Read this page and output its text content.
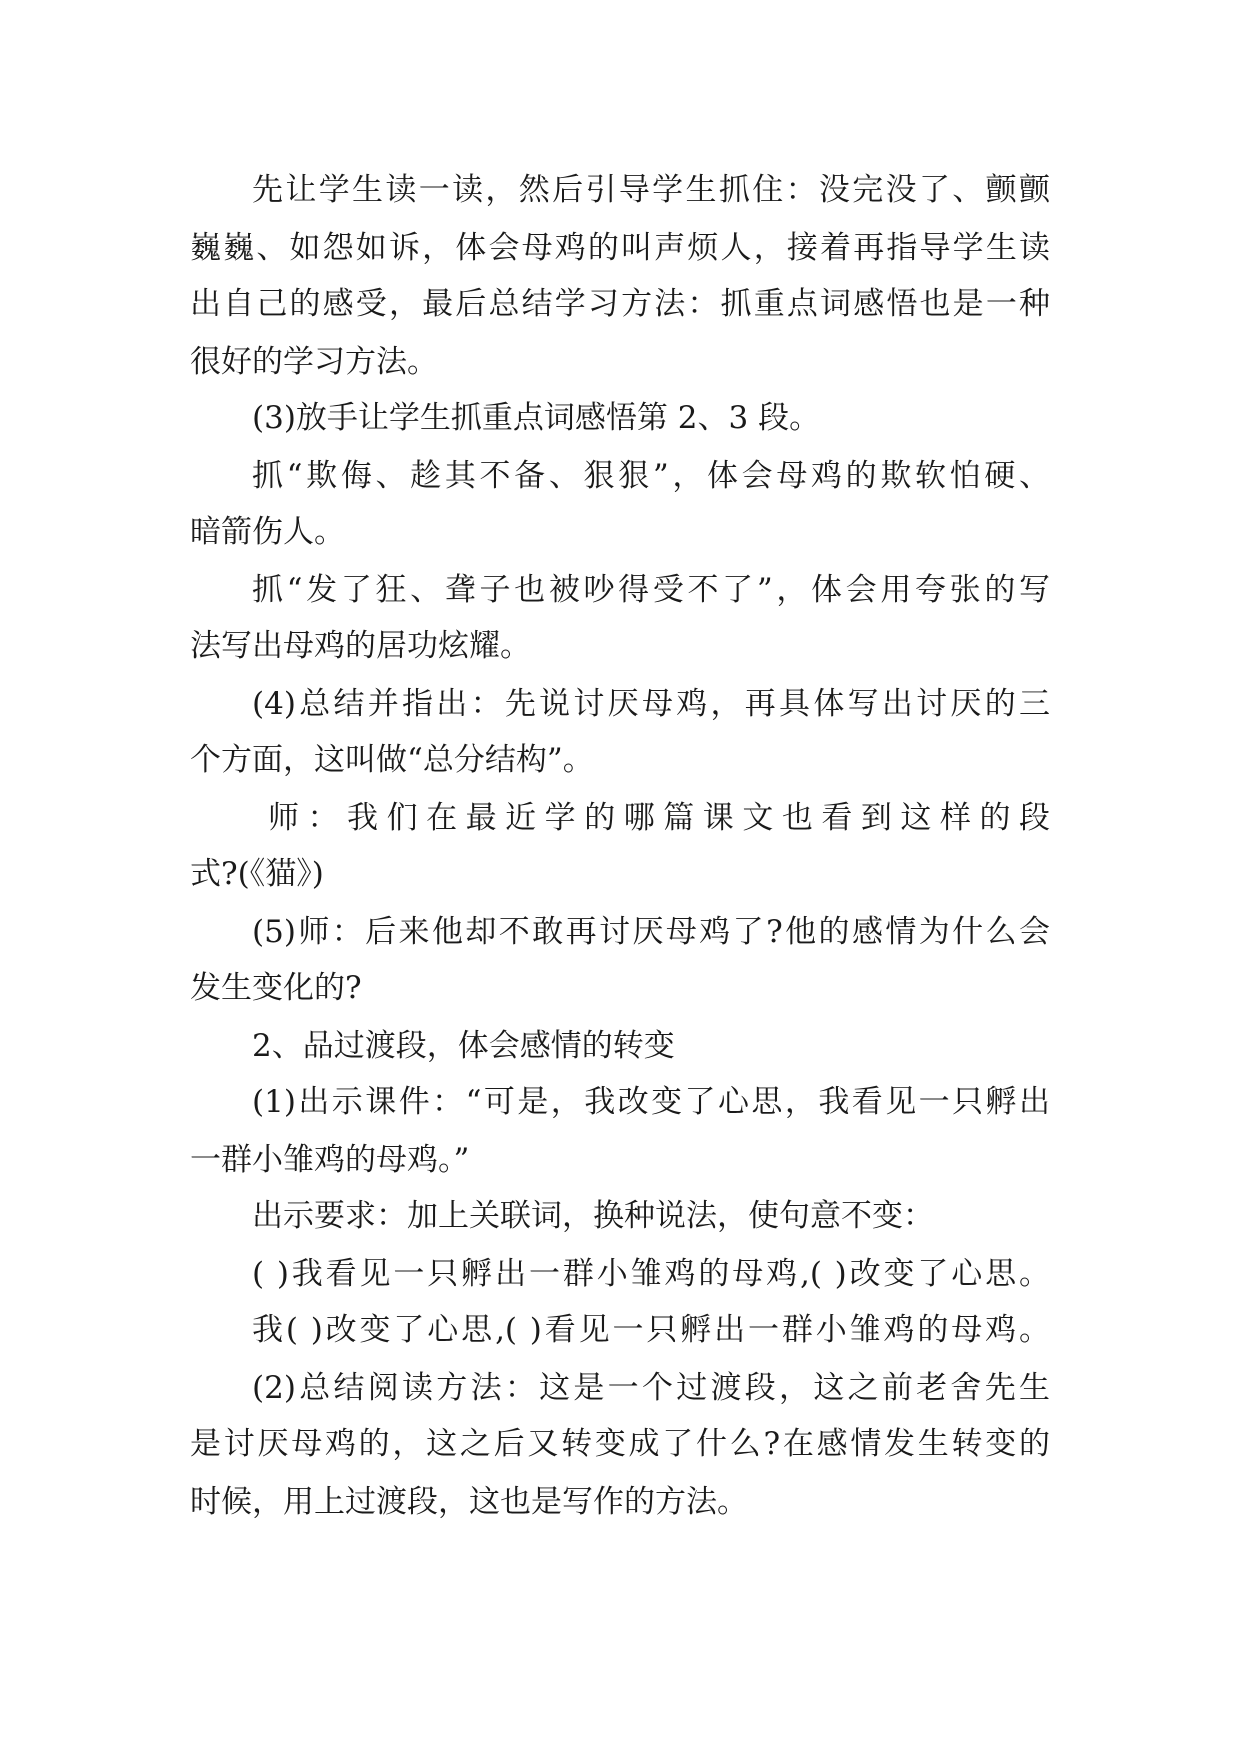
先让学生读一读，然后引导学生抓住：没完没了、颤颤
巍巍、如怨如诉，体会母鸡的叫声烦人，接着再指导学生读
出自己的感受，最后总结学习方法：抓重点词感悟也是一种
很好的学习方法。
(3)放手让学生抓重点词感悟第 2、3 段。
抓“欺侮、趁其不备、狠狠”，体会母鸡的欺软怕硬、
暗箭伤人。
抓“发了狂、聋子也被吵得受不了”，体会用夸张的写
法写出母鸡的居功炫耀。
(4)总结并指出：先说讨厌母鸡，再具体写出讨厌的三
个方面，这叫做“总分结构”。
师：我们在最近学的哪篇课文也看到这样的段
式?(《猫》)
(5)师：后来他却不敢再讨厌母鸡了?他的感情为什么会
发生变化的?
2、品过渡段，体会感情的转变
(1)出示课件：“可是，我改变了心思，我看见一只孵出
一群小雏鸡的母鸡。”
出示要求：加上关联词，换种说法，使句意不变：
( )我看见一只孵出一群小雏鸡的母鸡,( )改变了心思。
我( )改变了心思,( )看见一只孵出一群小雏鸡的母鸡。
(2)总结阅读方法：这是一个过渡段，这之前老舍先生
是讨厌母鸡的，这之后又转变成了什么?在感情发生转变的
时候，用上过渡段，这也是写作的方法。
